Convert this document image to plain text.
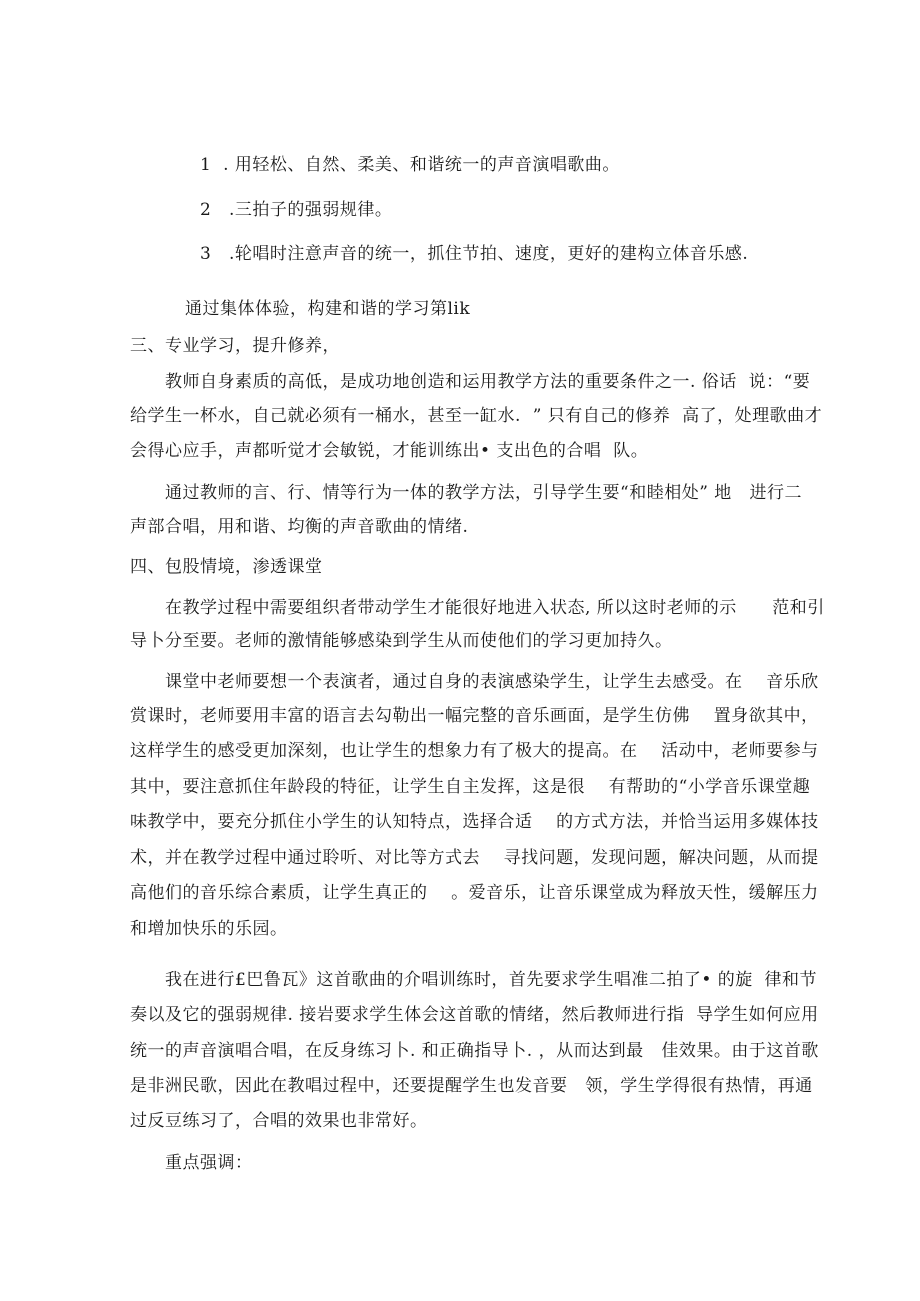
1  . 用轻松、自然、柔美、和谐统一的声音演唱歌曲。
2   .三拍子的强弱规律。
3   .轮唱时注意声音的统一，抓住节拍、速度，更好的建构立体音乐感.
通过集体体验，构建和谐的学习第lik
三、专业学习，提升修养，
教师自身素质的高低，是成功地创造和运用教学方法的重要条件之一. 俗话  说：“要
给学生一杯水，自己就必须有一桶水，甚至一缸水.  ” 只有自己的修养  高了，处理歌曲才
会得心应手，声都听觉才会敏锐，才能训练出• 支出色的合唱  队。
通过教师的言、行、情等行为一体的教学方法，引导学生要“和睦相处” 地   进行二
声部合唱，用和谐、均衡的声音歌曲的情绪.
四、包股情境，渗透课堂
在教学过程中需要组织者带动学生才能很好地进入状态, 所以这时老师的示      范和引
导卜分至要。老师的激情能够感染到学生从而使他们的学习更加持久。
课堂中老师要想一个表演者，通过自身的表演感染学生，让学生去感受。在    音乐欣
赏课时，老师要用丰富的语言去勾勒出一幅完整的音乐画面，是学生仿佛    置身欲其中，
这样学生的感受更加深刻，也让学生的想象力有了极大的提高。在    活动中，老师要参与
其中，要注意抓住年龄段的特征，让学生自主发挥，这是很    有帮助的“小学音乐课堂趣
味教学中，要充分抓住小学生的认知特点，选择合适    的方式方法，并恰当运用多媒体技
术，并在教学过程中通过聆听、对比等方式去    寻找问题，发现问题，解决问题，从而提
高他们的音乐综合素质，让学生真正的    。爱音乐，让音乐课堂成为释放天性，缓解压力
和增加快乐的乐园。
我在进行£巴鲁瓦》这首歌曲的介唱训练时，首先要求学生唱准二拍了• 的旋  律和节
奏以及它的强弱规律. 接岩要求学生体会这首歌的情绪，然后教师进行指  导学生如何应用
统一的声音演唱合唱，在反身练习卜. 和正确指导卜. ，从而达到最   佳效果。由于这首歌
是非洲民歌，因此在教唱过程中，还要提醒学生也发音要   领，学生学得很有热情，再通
过反豆练习了，合唱的效果也非常好。
重点强调：
